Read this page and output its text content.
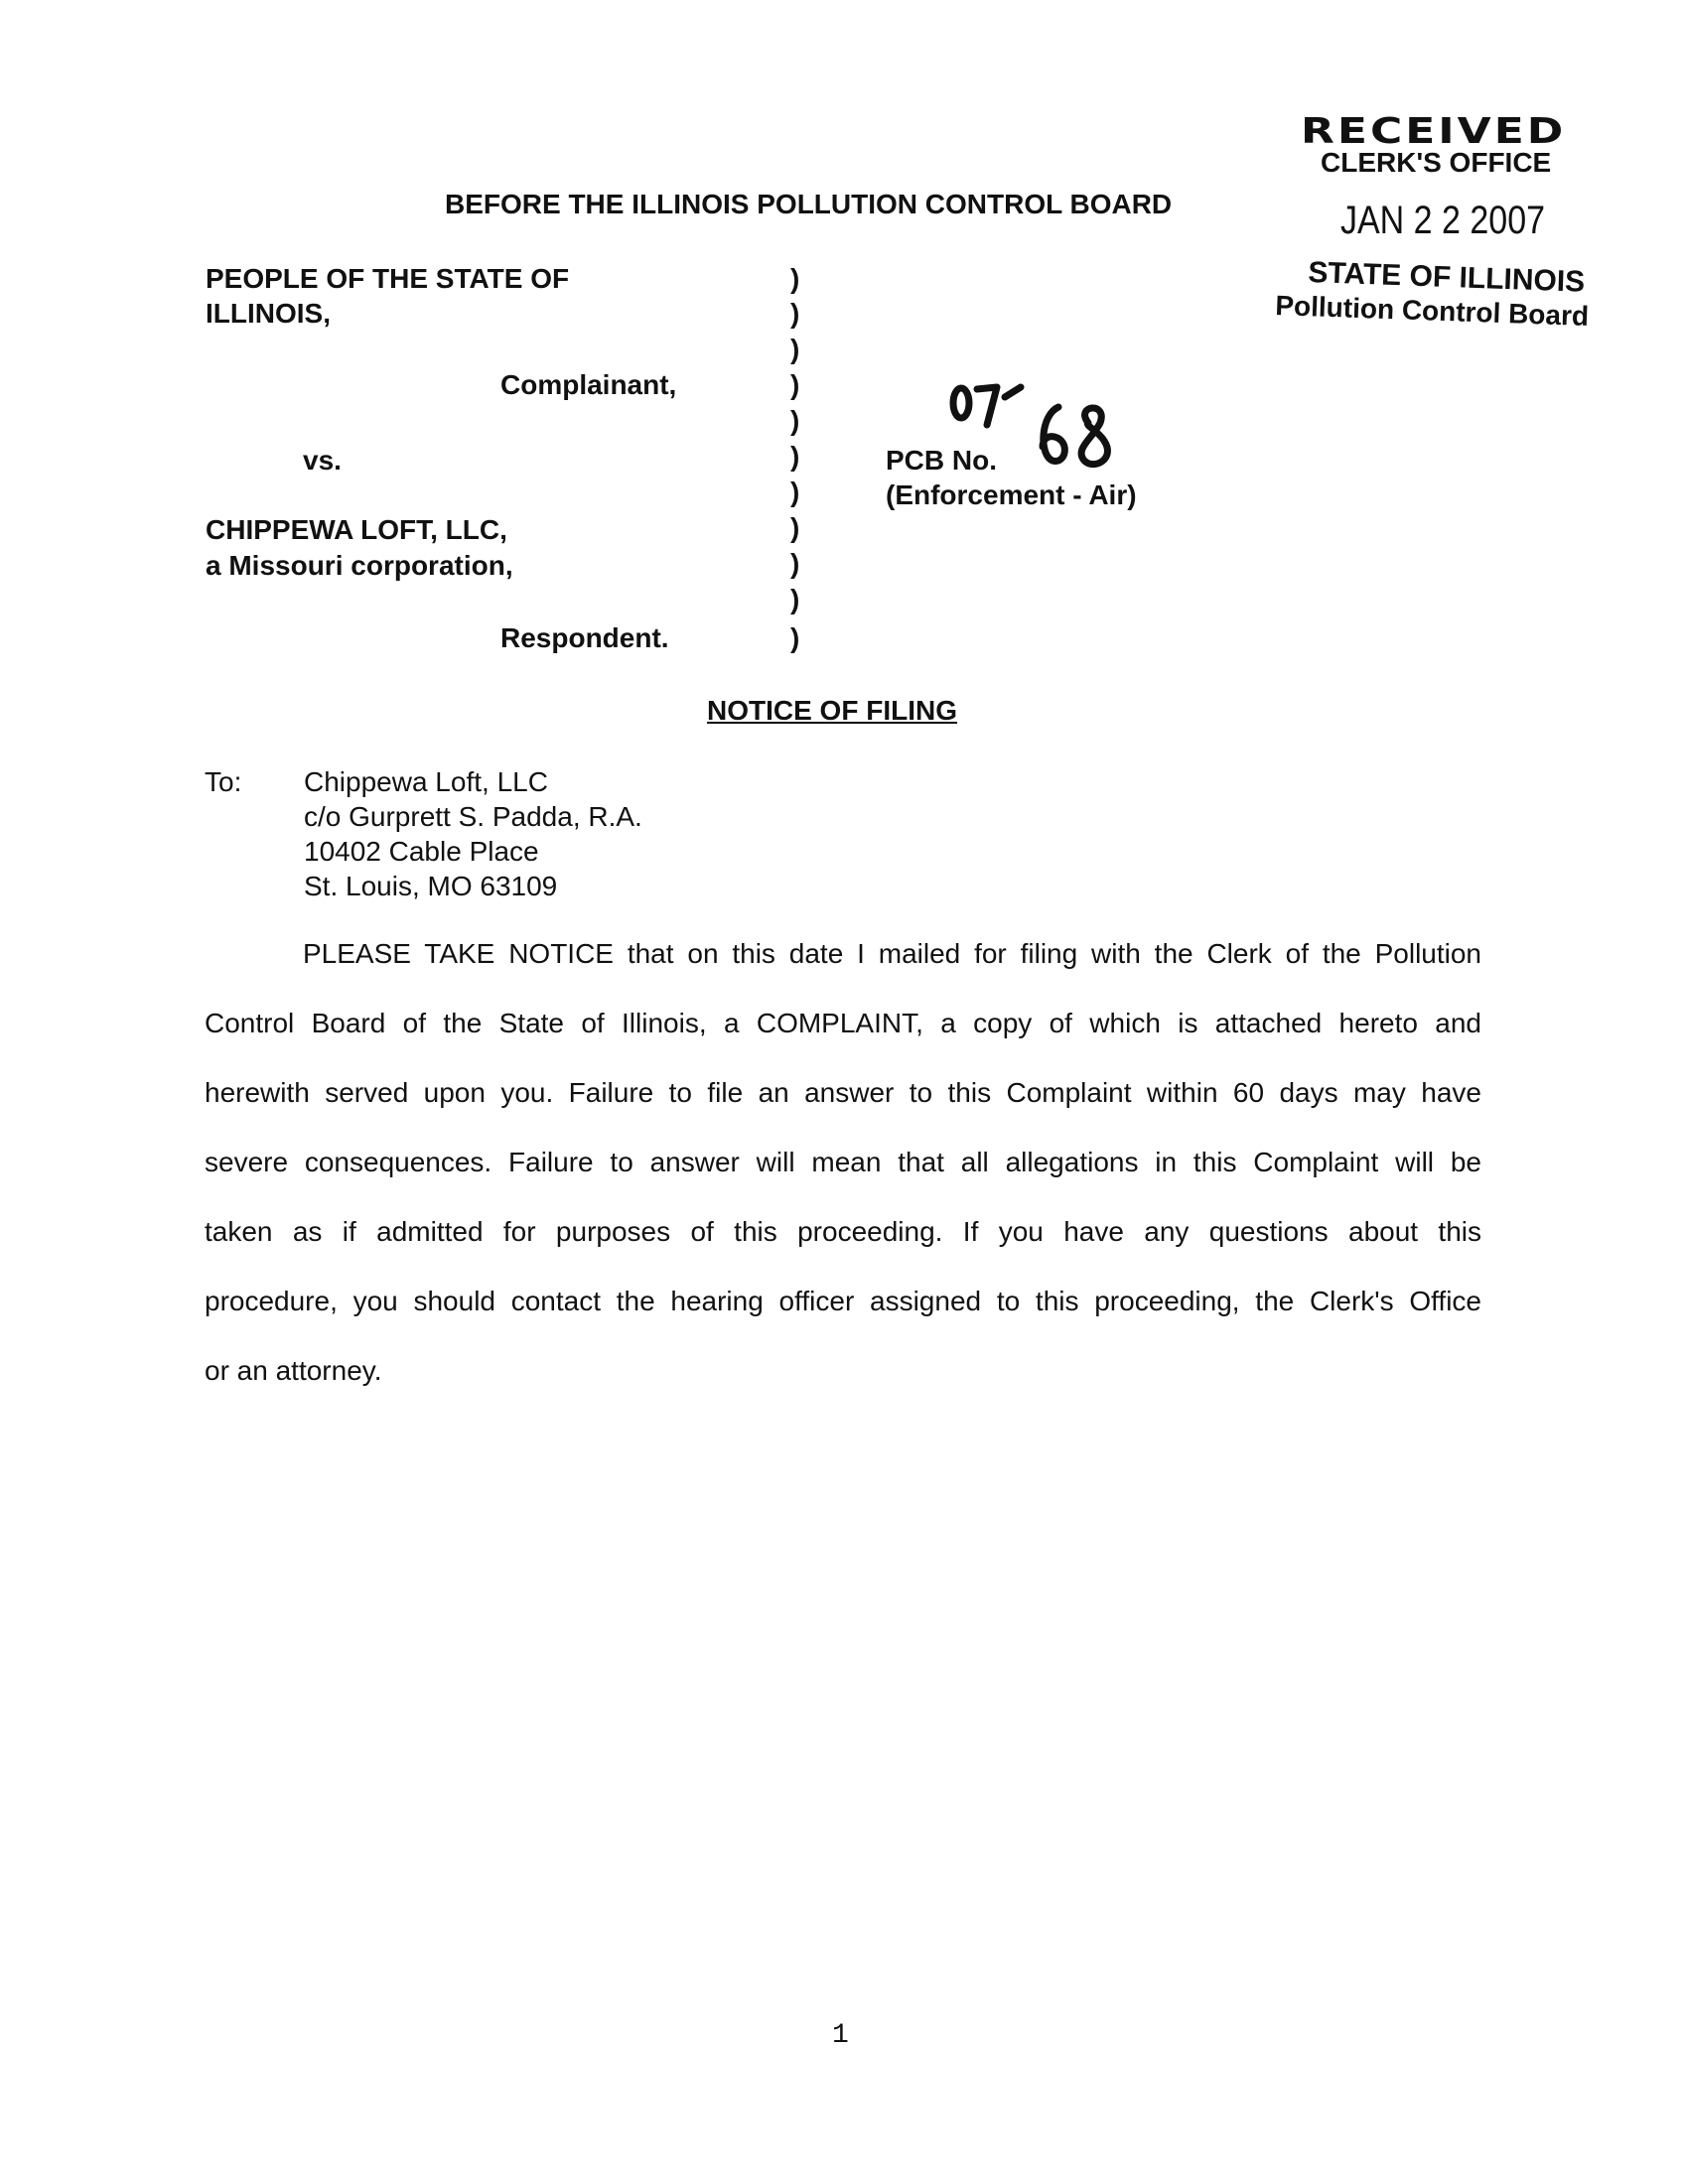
RECEIVED
CLERK'S OFFICE
JAN 2 2 2007
STATE OF ILLINOIS
Pollution Control Board
BEFORE THE ILLINOIS POLLUTION CONTROL BOARD
PEOPLE OF THE STATE OF
ILLINOIS,
Complainant,
vs.
CHIPPEWA LOFT, LLC,
a Missouri corporation,
Respondent.
)
)
)
)
)
)
)
)
)
)
)
PCB No.
(Enforcement - Air)
NOTICE OF FILING
To: Chippewa Loft, LLC
c/o Gurprett S. Padda, R.A.
10402 Cable Place
St. Louis, MO 63109
PLEASE TAKE NOTICE that on this date I mailed for filing with the Clerk of the Pollution
Control Board of the State of Illinois, a COMPLAINT, a copy of which is attached hereto and
herewith served upon you. Failure to file an answer to this Complaint within 60 days may have
severe consequences. Failure to answer will mean that all allegations in this Complaint will be
taken as if admitted for purposes of this proceeding. If you have any questions about this
procedure, you should contact the hearing officer assigned to this proceeding, the Clerk's Office
or an attorney.
1
